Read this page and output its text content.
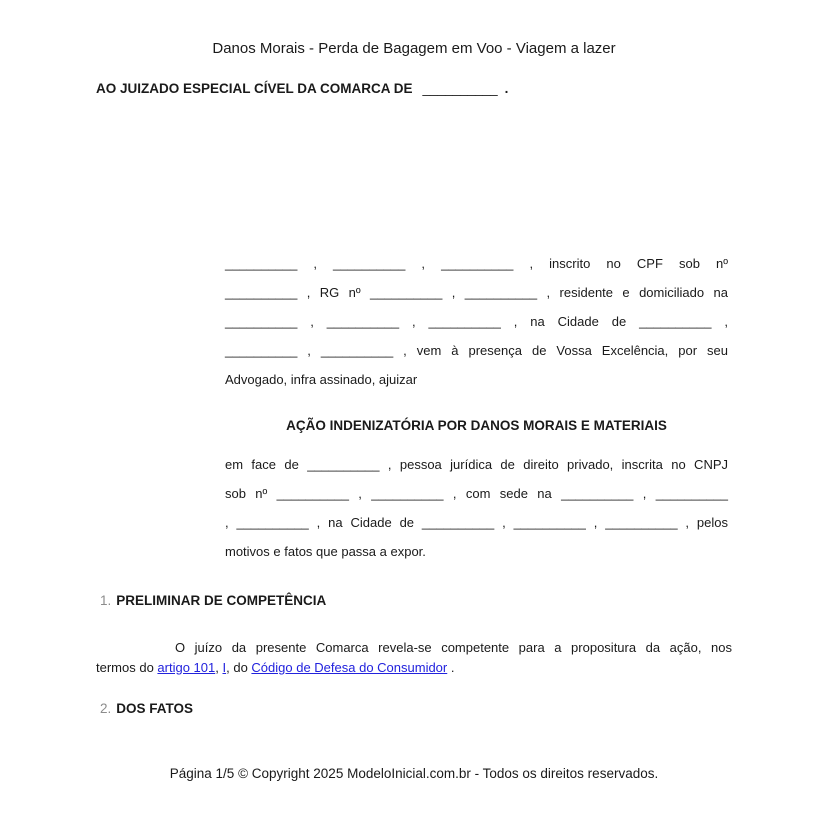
Danos Morais - Perda de Bagagem em Voo - Viagem a lazer
AO JUIZADO ESPECIAL CÍVEL DA COMARCA DE __________ .
__________ , __________ , __________ , inscrito no CPF sob nº
__________ , RG nº __________ , __________ , residente e domiciliado na
__________ , __________ , __________ , na Cidade de __________ ,
__________ , __________ , vem à presença de Vossa Excelência, por seu
Advogado, infra assinado, ajuizar
AÇÃO INDENIZATÓRIA POR DANOS MORAIS E MATERIAIS
em face de __________ , pessoa jurídica de direito privado, inscrita no CNPJ
sob nº __________ , __________ , com sede na __________ , __________
, __________ , na Cidade de __________ , __________ , __________ , pelos
motivos e fatos que passa a expor.
1. PRELIMINAR DE COMPETÊNCIA
O juízo da presente Comarca revela-se competente para a propositura da ação, nos
termos do artigo 101, I, do Código de Defesa do Consumidor .
2. DOS FATOS
Página 1/5 © Copyright 2025 ModeloInicial.com.br - Todos os direitos reservados.
